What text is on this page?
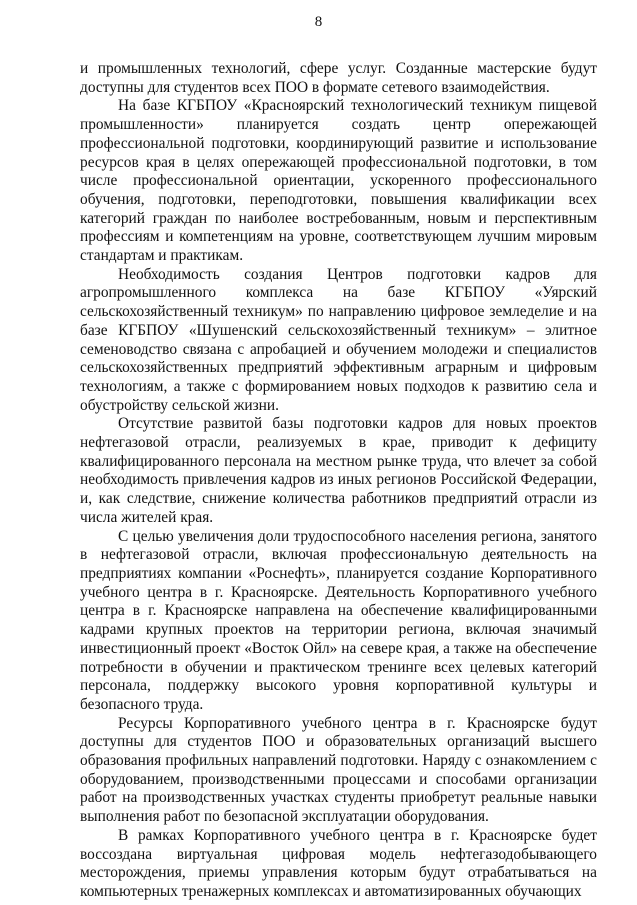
8

и промышленных технологий, сфере услуг. Созданные мастерские будут доступны для студентов всех ПОО в формате сетевого взаимодействия.

На базе КГБПОУ «Красноярский технологический техникум пищевой промышленности» планируется создать центр опережающей профессиональной подготовки, координирующий развитие и использование ресурсов края в целях опережающей профессиональной подготовки, в том числе профессиональной ориентации, ускоренного профессионального обучения, подготовки, переподготовки, повышения квалификации всех категорий граждан по наиболее востребованным, новым и перспективным профессиям и компетенциям на уровне, соответствующем лучшим мировым стандартам и практикам.

Необходимость создания Центров подготовки кадров для агропромышленного комплекса на базе КГБПОУ «Уярский сельскохозяйственный техникум» по направлению цифровое земледелие и на базе КГБПОУ «Шушенский сельскохозяйственный техникум» – элитное семеноводство связана с апробацией и обучением молодежи и специалистов сельскохозяйственных предприятий эффективным аграрным и цифровым технологиям, а также с формированием новых подходов к развитию села и обустройству сельской жизни.

Отсутствие развитой базы подготовки кадров для новых проектов нефтегазовой отрасли, реализуемых в крае, приводит к дефициту квалифицированного персонала на местном рынке труда, что влечет за собой необходимость привлечения кадров из иных регионов Российской Федерации, и, как следствие, снижение количества работников предприятий отрасли из числа жителей края.

С целью увеличения доли трудоспособного населения региона, занятого в нефтегазовой отрасли, включая профессиональную деятельность на предприятиях компании «Роснефть», планируется создание Корпоративного учебного центра в г. Красноярске. Деятельность Корпоративного учебного центра в г. Красноярске направлена на обеспечение квалифицированными кадрами крупных проектов на территории региона, включая значимый инвестиционный проект «Восток Ойл» на севере края, а также на обеспечение потребности в обучении и практическом тренинге всех целевых категорий персонала, поддержку высокого уровня корпоративной культуры и безопасного труда.

Ресурсы Корпоративного учебного центра в г. Красноярске будут доступны для студентов ПОО и образовательных организаций высшего образования профильных направлений подготовки. Наряду с ознакомлением с оборудованием, производственными процессами и способами организации работ на производственных участках студенты приобретут реальные навыки выполнения работ по безопасной эксплуатации оборудования.

В рамках Корпоративного учебного центра в г. Красноярске будет воссоздана виртуальная цифровая модель нефтегазодобывающего месторождения, приемы управления которым будут отрабатываться на компьютерных тренажерных комплексах и автоматизированных обучающих
